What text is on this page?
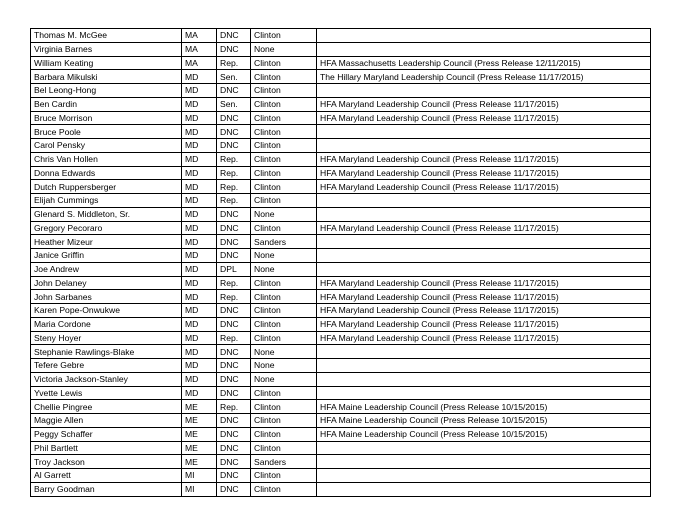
Thomas M. McGee	MA	DNC	Clinton	
Virginia Barnes	MA	DNC	None	
William Keating	MA	Rep.	Clinton	HFA Massachusetts Leadership Council (Press Release 12/11/2015)
Barbara Mikulski	MD	Sen.	Clinton	The Hillary Maryland Leadership Council (Press Release 11/17/2015)
Bel Leong-Hong	MD	DNC	Clinton	
Ben Cardin	MD	Sen.	Clinton	HFA Maryland Leadership Council (Press Release 11/17/2015)
Bruce Morrison	MD	DNC	Clinton	HFA Maryland Leadership Council (Press Release 11/17/2015)
Bruce Poole	MD	DNC	Clinton	
Carol Pensky	MD	DNC	Clinton	
Chris Van Hollen	MD	Rep.	Clinton	HFA Maryland Leadership Council (Press Release 11/17/2015)
Donna Edwards	MD	Rep.	Clinton	HFA Maryland Leadership Council (Press Release 11/17/2015)
Dutch Ruppersberger	MD	Rep.	Clinton	HFA Maryland Leadership Council (Press Release 11/17/2015)
Elijah Cummings	MD	Rep.	Clinton	
Glenard S. Middleton, Sr.	MD	DNC	None	
Gregory Pecoraro	MD	DNC	Clinton	HFA Maryland Leadership Council (Press Release 11/17/2015)
Heather Mizeur	MD	DNC	Sanders	
Janice Griffin	MD	DNC	None	
Joe Andrew	MD	DPL	None	
John Delaney	MD	Rep.	Clinton	HFA Maryland Leadership Council (Press Release 11/17/2015)
John Sarbanes	MD	Rep.	Clinton	HFA Maryland Leadership Council (Press Release 11/17/2015)
Karen Pope-Onwukwe	MD	DNC	Clinton	HFA Maryland Leadership Council (Press Release 11/17/2015)
Maria Cordone	MD	DNC	Clinton	HFA Maryland Leadership Council (Press Release 11/17/2015)
Steny Hoyer	MD	Rep.	Clinton	HFA Maryland Leadership Council (Press Release 11/17/2015)
Stephanie Rawlings-Blake	MD	DNC	None	
Tefere Gebre	MD	DNC	None	
Victoria Jackson-Stanley	MD	DNC	None	
Yvette Lewis	MD	DNC	Clinton	
Chellie Pingree	ME	Rep.	Clinton	HFA Maine Leadership Council (Press Release 10/15/2015)
Maggie Allen	ME	DNC	Clinton	HFA Maine Leadership Council (Press Release 10/15/2015)
Peggy Schaffer	ME	DNC	Clinton	HFA Maine Leadership Council (Press Release 10/15/2015)
Phil Bartlett	ME	DNC	Clinton	
Troy Jackson	ME	DNC	Sanders	
Al Garrett	MI	DNC	Clinton	
Barry Goodman	MI	DNC	Clinton	
